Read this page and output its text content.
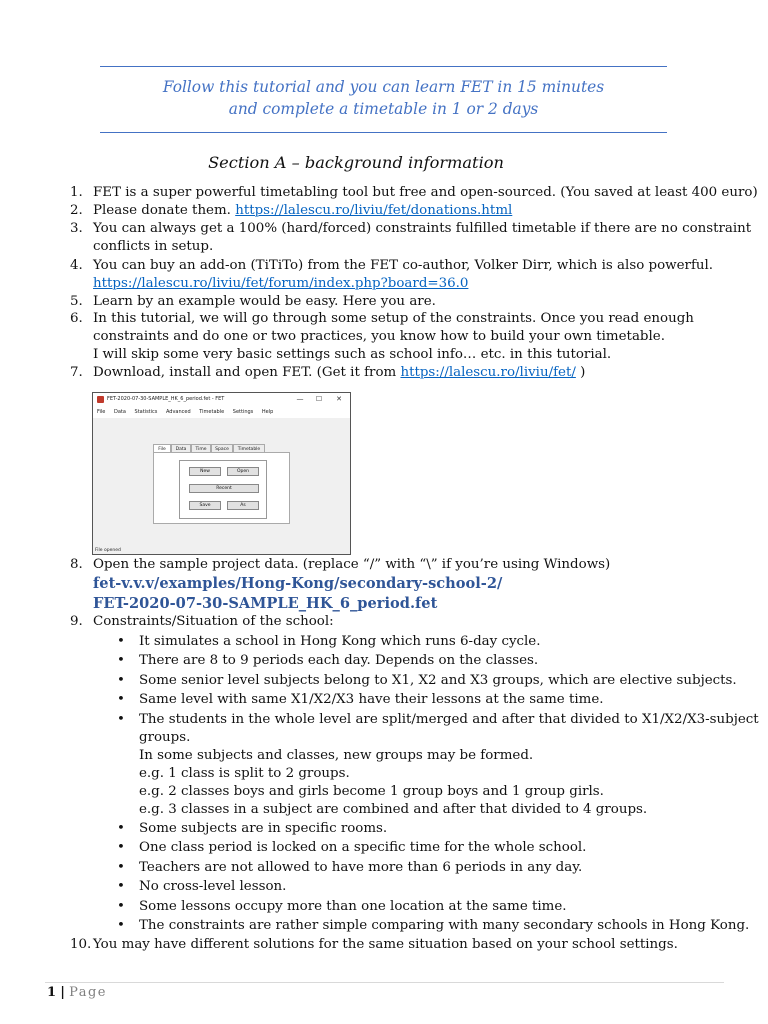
Follow this tutorial and you can learn FET in 15 minutes
and complete a timetable in 1 or 2 days
Section A – background information
1. FET is a super powerful timetabling tool but free and open-sourced. (You saved at least 400 euro)
2. Please donate them. https://lalescu.ro/liviu/fet/donations.html
3. You can always get a 100% (hard/forced) constraints fulfilled timetable if there are no constraint
conflicts in setup.
4. You can buy an add-on (TiTiTo) from the FET co-author, Volker Dirr, which is also powerful.
https://lalescu.ro/liviu/fet/forum/index.php?board=36.0
5. Learn by an example would be easy. Here you are.
6. In this tutorial, we will go through some setup of the constraints. Once you read enough
constraints and do one or two practices, you know how to build your own timetable.
I will skip some very basic settings such as school info… etc. in this tutorial.
7. Download, install and open FET. (Get it from https://lalescu.ro/liviu/fet/ )
FET-2020-07-30-SAMPLE_HK_6_period.fet - FET	—	☐	✕
File Data Statistics Advanced Timetable Settings Help
File	Data	Time	Space	Timetable
New	Open
Recent
Save	As
File opened
8. Open the sample project data. (replace “/” with “\” if you’re using Windows)
fet-v.v.v/examples/Hong-Kong/secondary-school-2/
FET-2020-07-30-SAMPLE_HK_6_period.fet
9. Constraints/Situation of the school:
• It simulates a school in Hong Kong which runs 6-day cycle.
• There are 8 to 9 periods each day. Depends on the classes.
• Some senior level subjects belong to X1, X2 and X3 groups, which are elective subjects.
• Same level with same X1/X2/X3 have their lessons at the same time.
• The students in the whole level are split/merged and after that divided to X1/X2/X3-subject
groups.
In some subjects and classes, new groups may be formed.
e.g. 1 class is split to 2 groups.
e.g. 2 classes boys and girls become 1 group boys and 1 group girls.
e.g. 3 classes in a subject are combined and after that divided to 4 groups.
• Some subjects are in specific rooms.
• One class period is locked on a specific time for the whole school.
• Teachers are not allowed to have more than 6 periods in any day.
• No cross-level lesson.
• Some lessons occupy more than one location at the same time.
• The constraints are rather simple comparing with many secondary schools in Hong Kong.
10. You may have different solutions for the same situation based on your school settings.
1 | Page
